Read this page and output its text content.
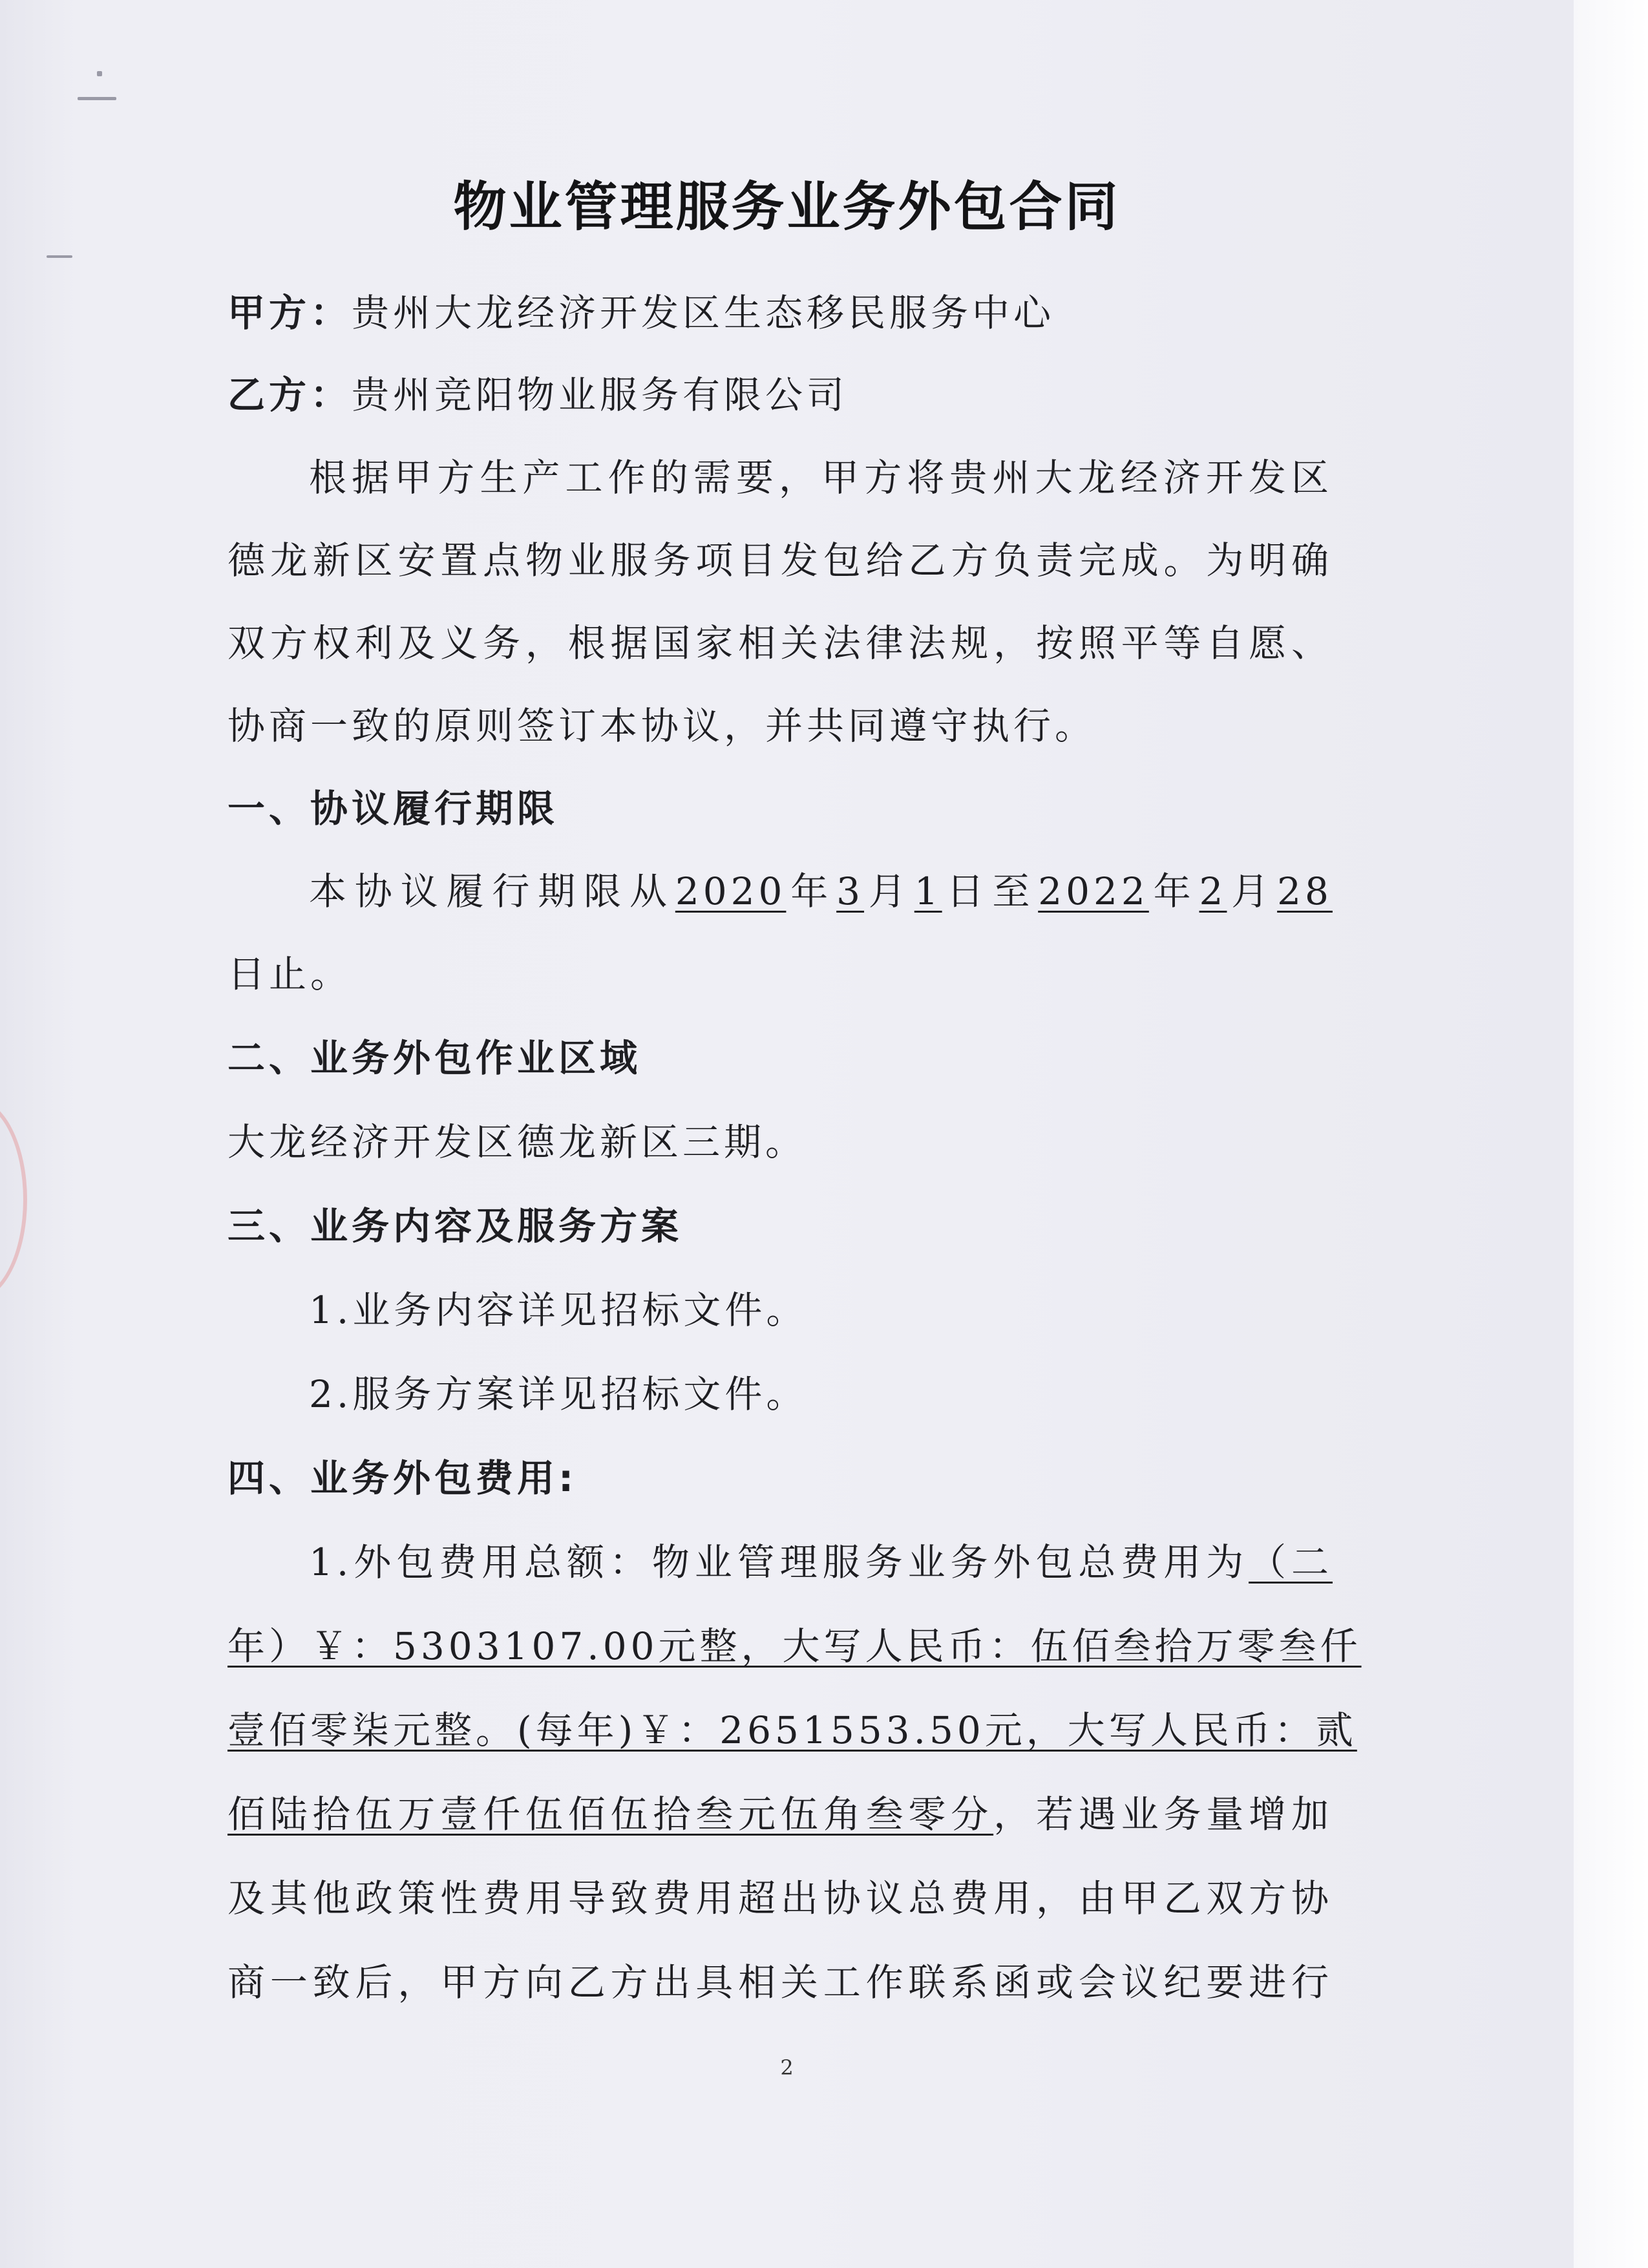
物业管理服务业务外包合同

甲方：贵州大龙经济开发区生态移民服务中心

乙方：贵州竞阳物业服务有限公司

根据甲方生产工作的需要，甲方将贵州大龙经济开发区

德龙新区安置点物业服务项目发包给乙方负责完成。为明确

双方权利及义务，根据国家相关法律法规，按照平等自愿、

协商一致的原则签订本协议，并共同遵守执行。

一、协议履行期限

本协议履行期限从2020年3月1日至2022年2月28

日止。

二、业务外包作业区域

大龙经济开发区德龙新区三期。

三、业务内容及服务方案

1.业务内容详见招标文件。

2.服务方案详见招标文件。

四、业务外包费用:

1.外包费用总额：物业管理服务业务外包总费用为（二

年）￥：5303107.00元整，大写人民币：伍佰叁拾万零叁仟

壹佰零柒元整。(每年)￥：2651553.50元，大写人民币：贰

佰陆拾伍万壹仟伍佰伍拾叁元伍角叁零分，若遇业务量增加

及其他政策性费用导致费用超出协议总费用，由甲乙双方协

商一致后，甲方向乙方出具相关工作联系函或会议纪要进行

2
